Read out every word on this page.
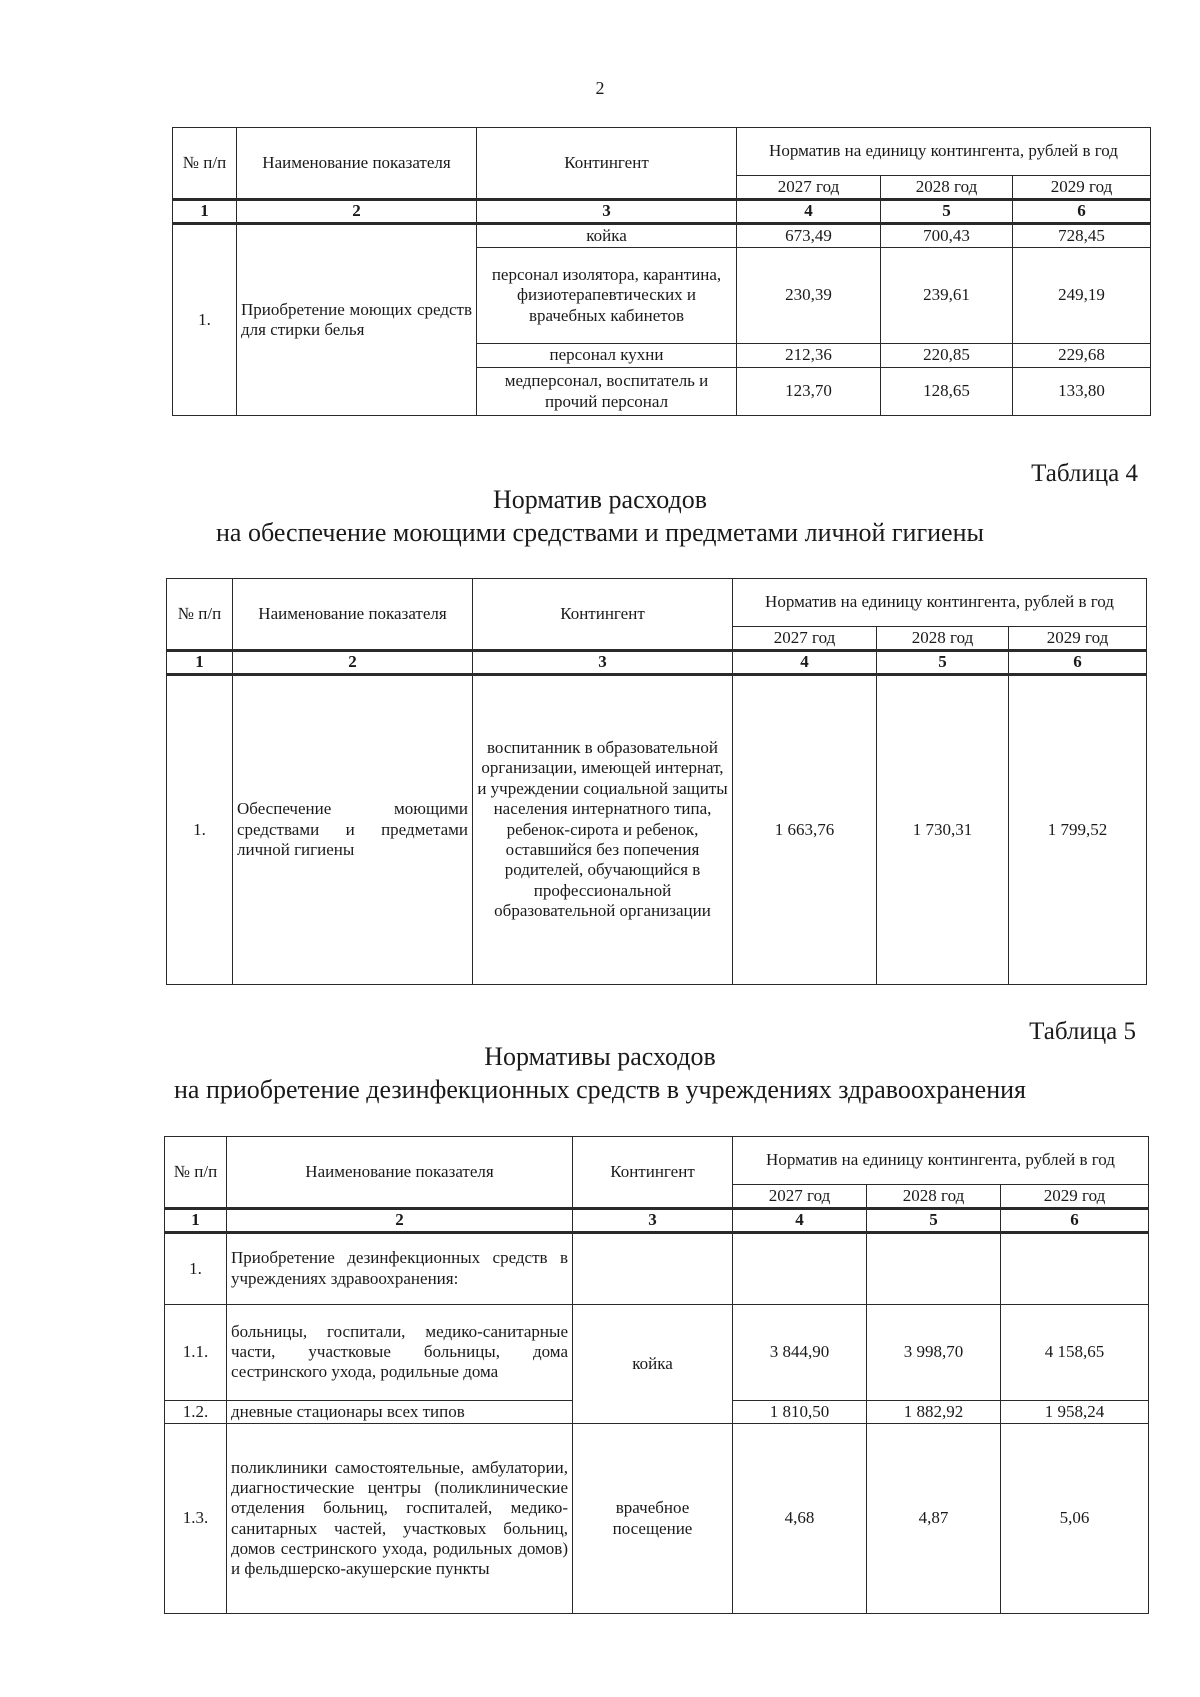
2
№ п/п	Наименование показателя	Контингент	Норматив на единицу контингента, рублей в год		
			2027 год	2028 год	2029 год
1	2	3	4	5	6
1.	Приобретение моющих средств для стирки белья	койка	673,49	700,43	728,45
		персонал изолятора, карантина, физиотерапевтических и врачебных кабинетов	230,39	239,61	249,19
		персонал кухни	212,36	220,85	229,68
		медперсонал, воспитатель и прочий персонал	123,70	128,65	133,80
Таблица 4
Норматив расходов
на обеспечение моющими средствами и предметами личной гигиены
№ п/п	Наименование показателя	Контингент	Норматив на единицу контингента, рублей в год		
			2027 год	2028 год	2029 год
1	2	3	4	5	6
1.	Обеспечение моющими средствами и предметами личной гигиены	воспитанник в образовательной организации, имеющей интернат, и учреждении социальной защиты населения интернатного типа, ребенок-сирота и ребенок, оставшийся без попечения родителей, обучающийся в профессиональной образовательной организации	1 663,76	1 730,31	1 799,52
Таблица 5
Нормативы расходов
на приобретение дезинфекционных средств в учреждениях здравоохранения
№ п/п	Наименование показателя	Контингент	Норматив на единицу контингента, рублей в год		
			2027 год	2028 год	2029 год
1	2	3	4	5	6
1.	Приобретение дезинфекционных средств в учреждениях здравоохранения:				
1.1.	больницы, госпитали, медико-санитарные части, участковые больницы, дома сестринского ухода, родильные дома	койка	3 844,90	3 998,70	4 158,65
1.2.	дневные стационары всех типов		1 810,50	1 882,92	1 958,24
1.3.	поликлиники самостоятельные, амбулатории, диагностические центры (поликлинические отделения больниц, госпиталей, медико-санитарных частей, участковых больниц, домов сестринского ухода, родильных домов) и фельдшерско-акушерские пункты	врачебное посещение	4,68	4,87	5,06
